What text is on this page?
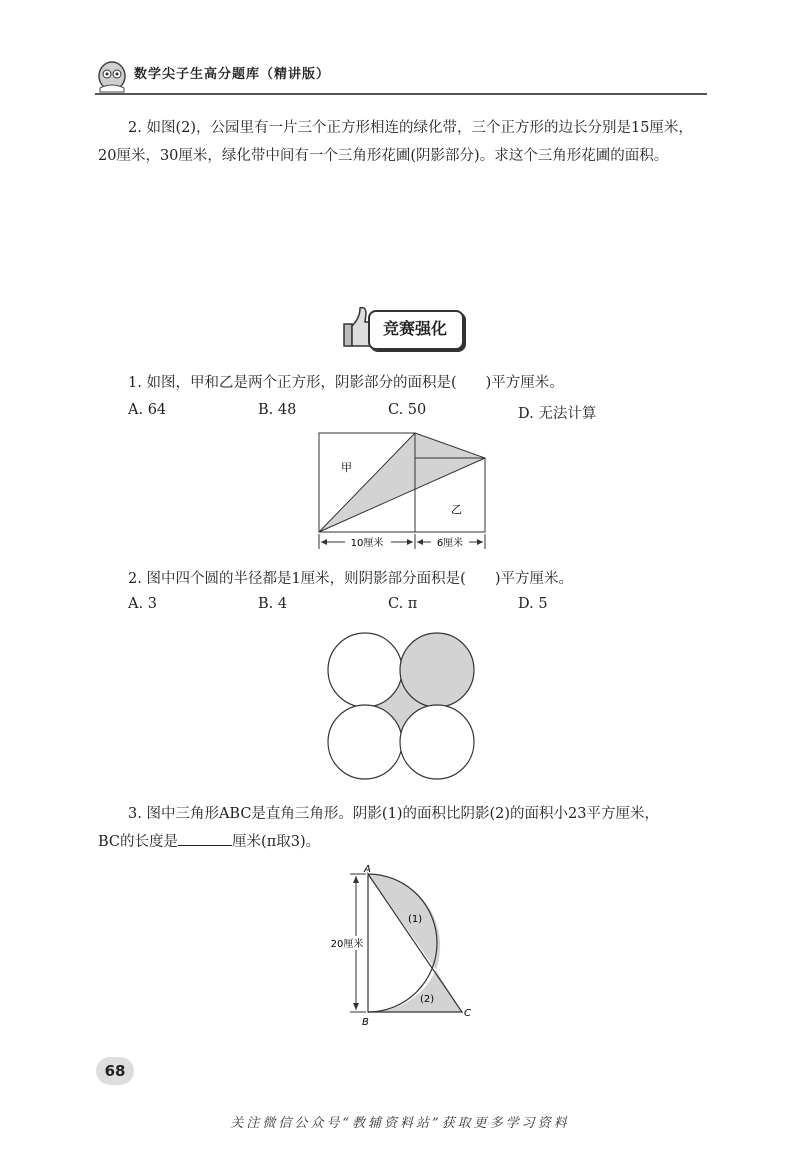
数学尖子生高分题库（精讲版）
2. 如图(2)，公园里有一片三个正方形相连的绿化带，三个正方形的边长分别是15厘米，
20厘米，30厘米，绿化带中间有一个三角形花圃(阴影部分)。求这个三角形花圃的面积。
竞赛强化
1. 如图，甲和乙是两个正方形，阴影部分的面积是(　　)平方厘米。
A. 64	B. 48	C. 50	D. 无法计算
甲
乙
10厘米	6厘米
2. 图中四个圆的半径都是1厘米，则阴影部分面积是(　　)平方厘米。
A. 3	B. 4	C. π	D. 5
3. 图中三角形ABC是直角三角形。阴影(1)的面积比阴影(2)的面积小23平方厘米，
BC的长度是	厘米(π取3)。
20厘米
A
B
C
(1)
(2)
68
关注微信公众号“教辅资料站”获取更多学习资料
